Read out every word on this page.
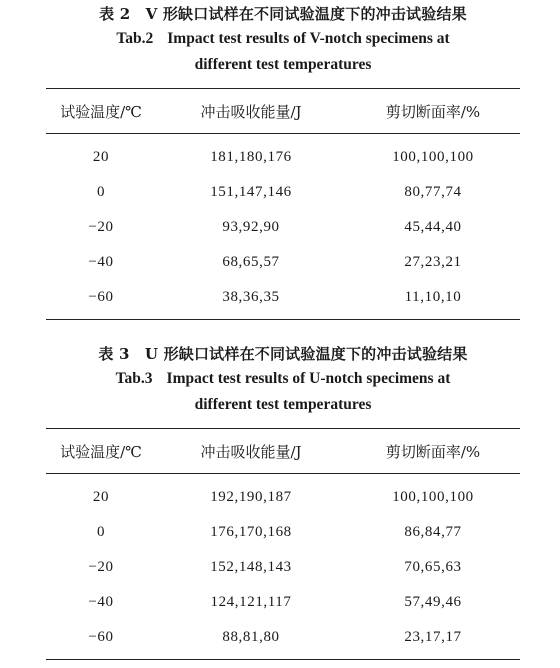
表 2　V 形缺口试样在不同试验温度下的冲击试验结果
Tab.2 Impact test results of V-notch specimens at
different test temperatures
试验温度/℃	冲击吸收能量/J	剪切断面率/%
20	181,180,176	100,100,100
0	151,147,146	80,77,74
−20	93,92,90	45,44,40
−40	68,65,57	27,23,21
−60	38,36,35	11,10,10
表 3　U 形缺口试样在不同试验温度下的冲击试验结果
Tab.3 Impact test results of U-notch specimens at
different test temperatures
试验温度/℃	冲击吸收能量/J	剪切断面率/%
20	192,190,187	100,100,100
0	176,170,168	86,84,77
−20	152,148,143	70,65,63
−40	124,121,117	57,49,46
−60	88,81,80	23,17,17
